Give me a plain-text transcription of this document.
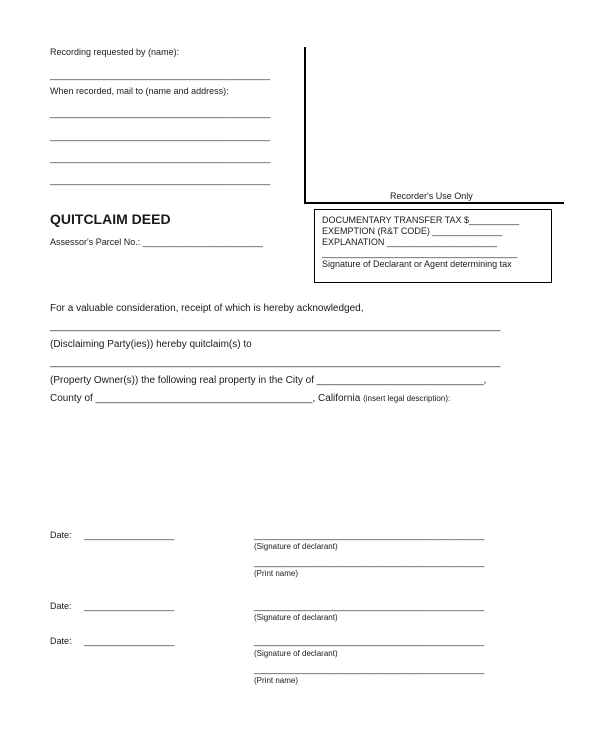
Recording requested by (name):
____________________________________________
When recorded, mail to (name and address):
____________________________________________
____________________________________________
____________________________________________
____________________________________________
Recorder's Use Only
QUITCLAIM DEED
Assessor's Parcel No.: ________________________
DOCUMENTARY TRANSFER TAX $__________
EXEMPTION (R&T CODE) ______________
EXPLANATION ______________________
_______________________________________
Signature of Declarant or Agent determining tax
For a valuable consideration, receipt of which is hereby acknowledged,
_________________________________________________________________________________
(Disclaiming Party(ies)) hereby quitclaim(s) to
_________________________________________________________________________________
(Property Owner(s)) the following real property in the City of ______________________________,
County of _______________________________________, California (insert legal description):
Date: __________________	______________________________________________
(Signature of declarant)
______________________________________________
(Print name)
Date: __________________	______________________________________________
(Signature of declarant)
Date: __________________	______________________________________________
(Signature of declarant)
______________________________________________
(Print name)
